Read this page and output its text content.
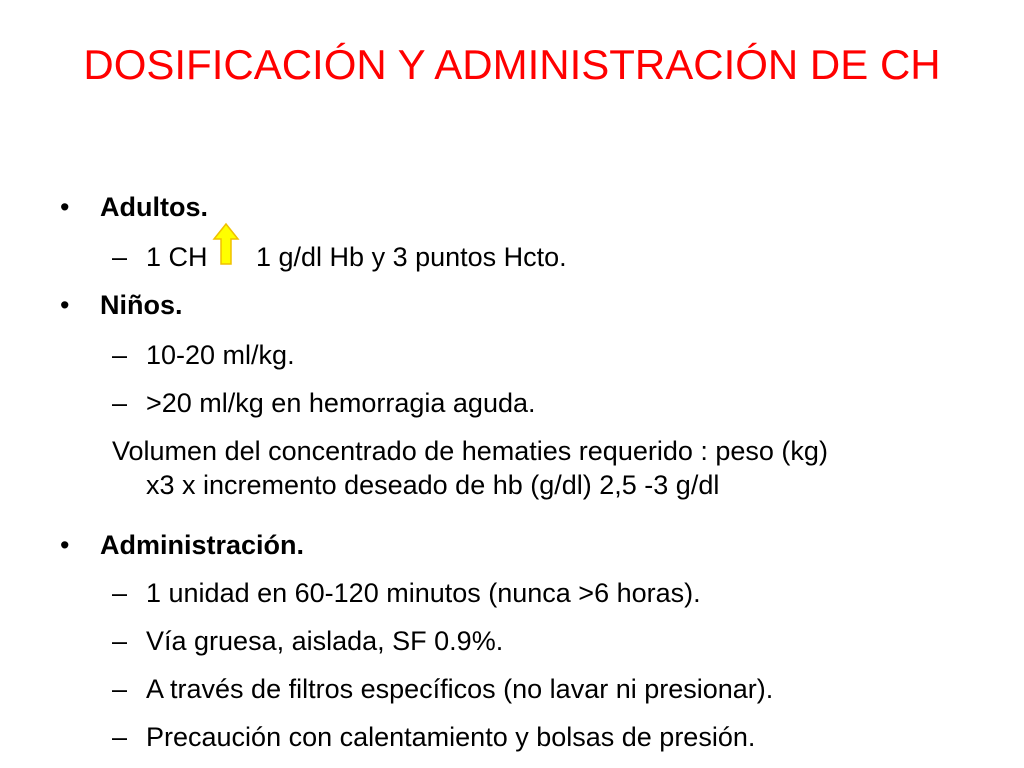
DOSIFICACIÓN Y ADMINISTRACIÓN DE CH
• Adultos.
– 1 CH 1 g/dl Hb y 3 puntos Hcto.
• Niños.
– 10-20 ml/kg.
– >20 ml/kg en hemorragia aguda.
Volumen del concentrado de hematies requerido : peso (kg)
x3 x incremento deseado de hb (g/dl) 2,5 -3 g/dl
• Administración.
– 1 unidad en 60-120 minutos (nunca >6 horas).
– Vía gruesa, aislada, SF 0.9%.
– A través de filtros específicos (no lavar ni presionar).
– Precaución con calentamiento y bolsas de presión.
